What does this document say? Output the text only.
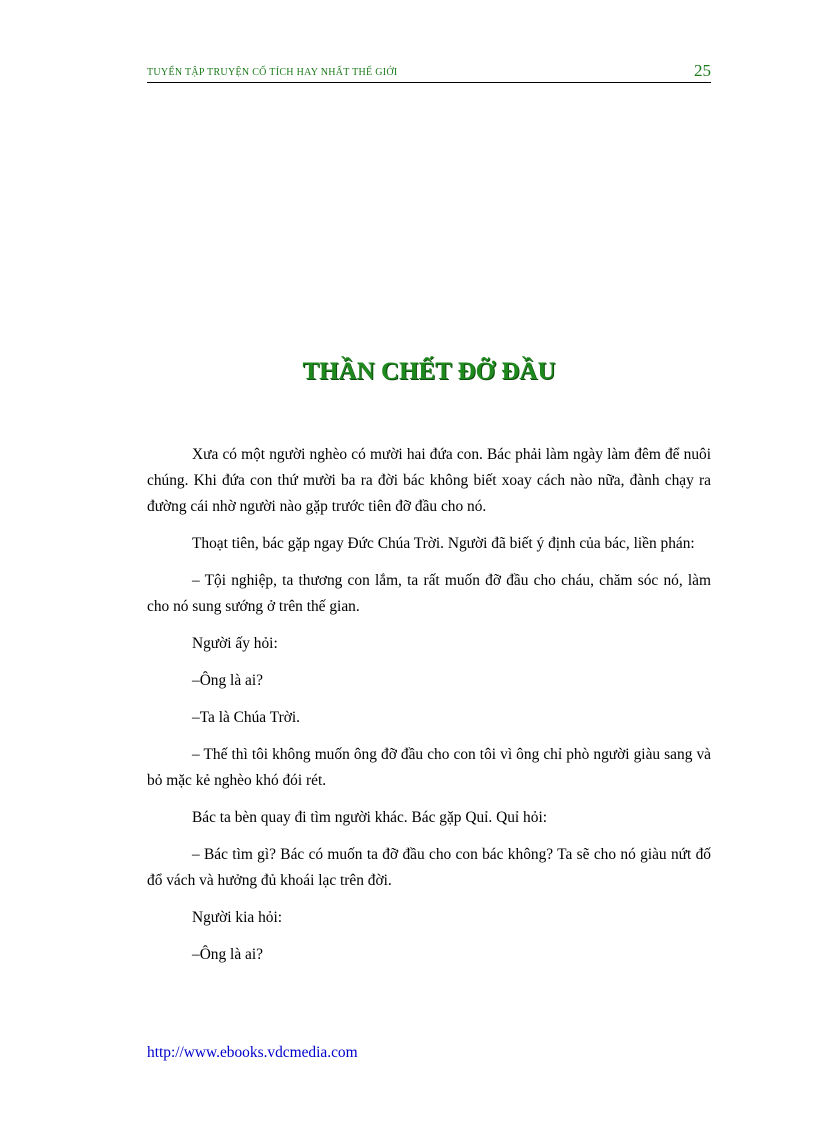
TUYỂN TẬP TRUYỆN CỔ TÍCH HAY NHẤT THẾ GIỚI	25
THẦN CHẾT ĐỠ ĐẦU

Xưa có một người nghèo có mười hai đứa con. Bác phải làm ngày làm đêm để nuôi chúng. Khi đứa con thứ mười ba ra đời bác không biết xoay cách nào nữa, đành chạy ra đường cái nhờ người nào gặp trước tiên đỡ đầu cho nó.

Thoạt tiên, bác gặp ngay Đức Chúa Trời. Người đã biết ý định của bác, liền phán:

– Tội nghiệp, ta thương con lắm, ta rất muốn đỡ đầu cho cháu, chăm sóc nó, làm cho nó sung sướng ở trên thế gian.

Người ấy hỏi:

–Ông là ai?

–Ta là Chúa Trời.

– Thế thì tôi không muốn ông đỡ đầu cho con tôi vì ông chỉ phò người giàu sang và bỏ mặc kẻ nghèo khó đói rét.

Bác ta bèn quay đi tìm người khác. Bác gặp Quỉ. Quỉ hỏi:

– Bác tìm gì? Bác có muốn ta đỡ đầu cho con bác không? Ta sẽ cho nó giàu nứt đố đổ vách và hưởng đủ khoái lạc trên đời.

Người kia hỏi:

–Ông là ai?

http://www.ebooks.vdcmedia.com
